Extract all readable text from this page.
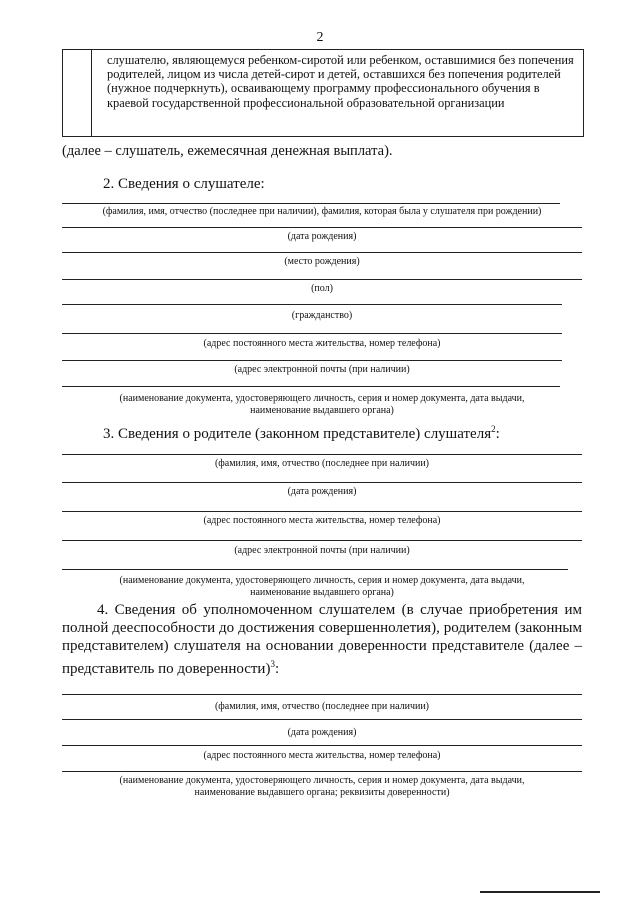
2
слушателю, являющемуся ребенком-сиротой или ребенком, оставшимися без попечения родителей, лицом из числа детей-сирот и детей, оставшихся без попечения родителей (нужное подчеркнуть), осваивающему программу профессионального обучения в краевой государственной профессиональной образовательной организации
(далее – слушатель, ежемесячная денежная выплата).
2. Сведения о слушателе:
(фамилия, имя, отчество (последнее при наличии), фамилия, которая была у слушателя при рождении)
(дата рождения)
(место рождения)
(пол)
(гражданство)
(адрес постоянного места жительства, номер телефона)
(адрес электронной почты (при наличии)
(наименование документа, удостоверяющего личность, серия и номер документа, дата выдачи, наименование выдавшего органа)
3. Сведения о родителе (законном представителе) слушателя$^2$:
(фамилия, имя, отчество (последнее при наличии)
(дата рождения)
(адрес постоянного места жительства, номер телефона)
(адрес электронной почты (при наличии)
(наименование документа, удостоверяющего личность, серия и номер документа, дата выдачи, наименование выдавшего органа)
4. Сведения об уполномоченном слушателем (в случае приобретения им полной дееспособности до достижения совершеннолетия), родителем (законным представителем) слушателя на основании доверенности представителе (далее – представитель по доверенности)$^3$:
(фамилия, имя, отчество (последнее при наличии)
(дата рождения)
(адрес постоянного места жительства, номер телефона)
(наименование документа, удостоверяющего личность, серия и номер документа, дата выдачи, наименование выдавшего органа; реквизиты доверенности)
